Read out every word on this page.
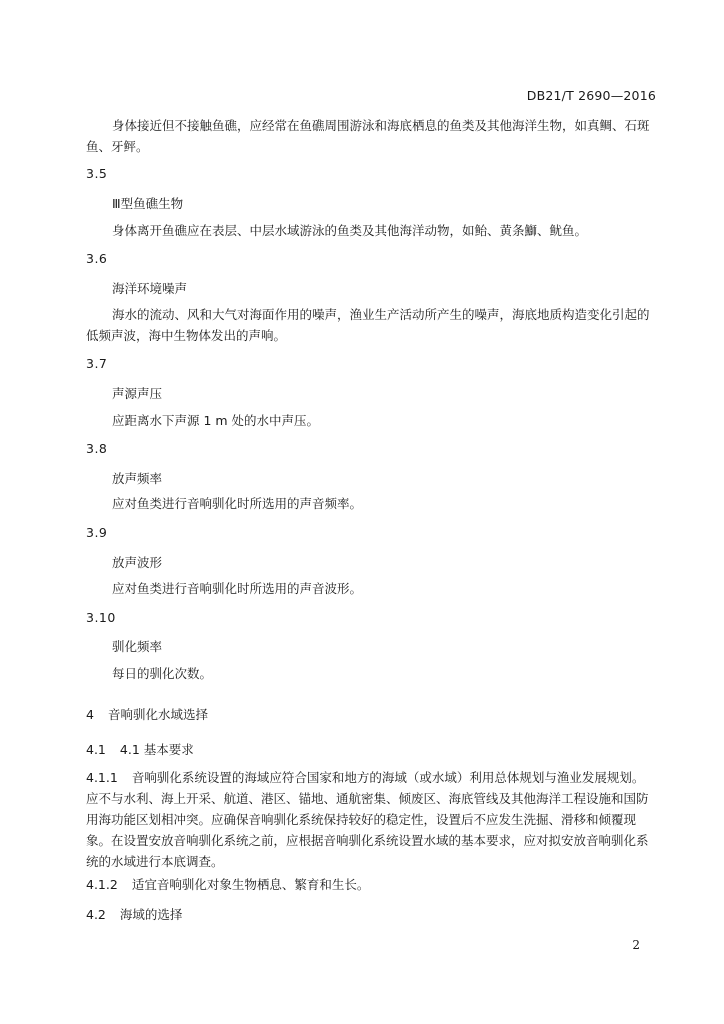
DB21/T 2690—2016
身体接近但不接触鱼礁，应经常在鱼礁周围游泳和海底栖息的鱼类及其他海洋生物，如真鲷、石斑鱼、牙鲆。
3.5
Ⅲ型鱼礁生物
身体离开鱼礁应在表层、中层水域游泳的鱼类及其他海洋动物，如鲐、黄条鰤、鱿鱼。
3.6
海洋环境噪声
海水的流动、风和大气对海面作用的噪声，渔业生产活动所产生的噪声，海底地质构造变化引起的低频声波，海中生物体发出的声响。
3.7
声源声压
应距离水下声源 1 m 处的水中声压。
3.8
放声频率
应对鱼类进行音响驯化时所选用的声音频率。
3.9
放声波形
应对鱼类进行音响驯化时所选用的声音波形。
3.10
驯化频率
每日的驯化次数。
4 音响驯化水域选择
4.1 4.1 基本要求
4.1.1 音响驯化系统设置的海域应符合国家和地方的海域（或水域）利用总体规划与渔业发展规划。应不与水利、海上开采、航道、港区、锚地、通航密集、倾废区、海底管线及其他海洋工程设施和国防用海功能区划相冲突。应确保音响驯化系统保持较好的稳定性，设置后不应发生洗掘、滑移和倾覆现象。在设置安放音响驯化系统之前，应根据音响驯化系统设置水域的基本要求，应对拟安放音响驯化系统的水域进行本底调查。
4.1.2 适宜音响驯化对象生物栖息、繁育和生长。
4.2 海域的选择
2
